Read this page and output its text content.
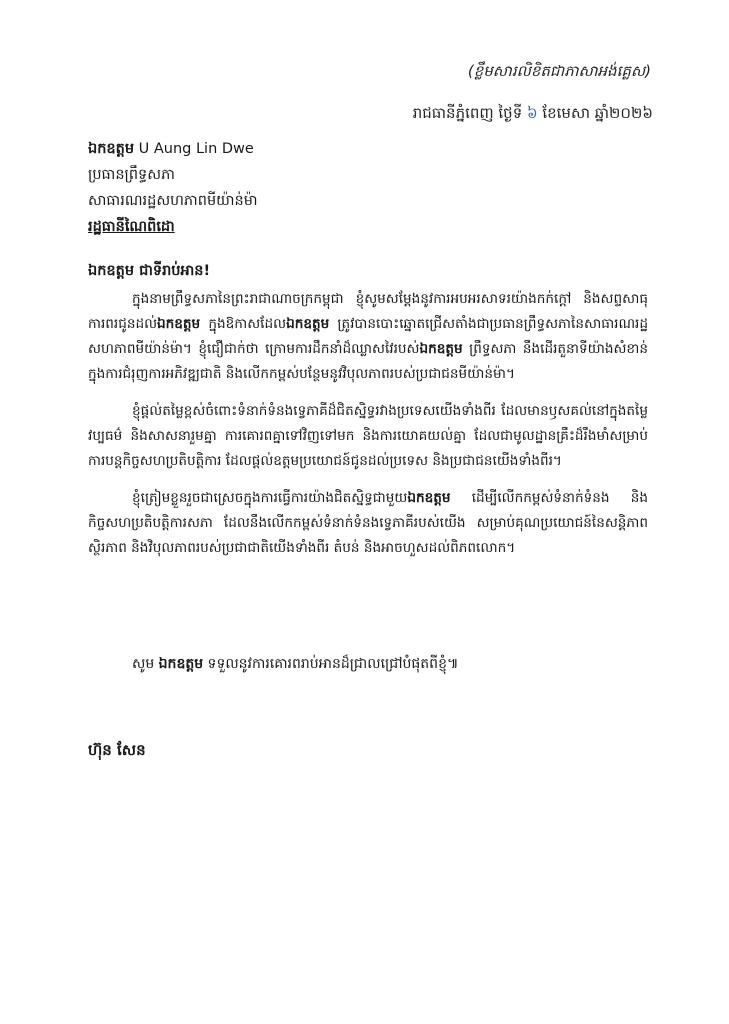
(ខ្លឹមសារលិខិតជាភាសាអង់គ្លេស)
រាជធានីភ្នំពេញ ថ្ងៃទី ៦ ខែមេសា ឆ្នាំ២០២៦
ឯកឧត្តម U Aung Lin Dwe
ប្រធានព្រឹទ្ធសភា
សាធារណរដ្ឋសហភាពមីយ៉ាន់ម៉ា
រដ្ឋធានីណៃពិដោ
ឯកឧត្តម ជាទីរាប់អាន!

ក្នុងនាមព្រឹទ្ធសភានៃព្រះរាជាណាចក្រកម្ពុជា ខ្ញុំសូមសម្តែងនូវការអបអរសាទរយ៉ាងកក់ក្តៅ និងសព្ទសាធុការពរជូនដល់ឯកឧត្តម ក្នុងឱកាសដែលឯកឧត្តម ត្រូវបានបោះឆ្នោតជ្រើសតាំងជាប្រធានព្រឹទ្ធសភានៃសាធារណរដ្ឋសហភាពមីយ៉ាន់ម៉ា។ ខ្ញុំជឿជាក់ថា ក្រោមការដឹកនាំដ៏ឈ្លាសវៃរបស់ឯកឧត្តម ព្រឹទ្ធសភា នឹងដើរតួនាទីយ៉ាងសំខាន់ក្នុងការជំរុញការអភិវឌ្ឍជាតិ និងលើកកម្ពស់បន្ថែមនូវវិបុលភាពរបស់ប្រជាជនមីយ៉ាន់ម៉ា។

ខ្ញុំផ្តល់តម្លៃខ្ពស់ចំពោះទំនាក់ទំនងទ្វេភាគីដ៏ជិតស្និទ្ធរវាងប្រទេសយើងទាំងពីរ ដែលមានឫសគល់នៅក្នុងតម្លៃវប្បធម៌ និងសាសនារួមគ្នា ការគោរពគ្នាទៅវិញទៅមក និងការយោគយល់គ្នា ដែលជាមូលដ្ឋានគ្រឹះដ៏រឹងមាំសម្រាប់ការបន្តកិច្ចសហប្រតិបត្តិការ ដែលផ្តល់ឧត្តមប្រយោជន៍ជូនដល់ប្រទេស និងប្រជាជនយើងទាំងពីរ។

ខ្ញុំត្រៀមខ្លួនរួចជាស្រេចក្នុងការធ្វើការយ៉ាងជិតស្និទ្ធជាមួយឯកឧត្តម ដើម្បីលើកកម្ពស់ទំនាក់ទំនង និងកិច្ចសហប្រតិបត្តិការសភា ដែលនឹងលើកកម្ពស់ទំនាក់ទំនងទ្វេភាគីរបស់យើង សម្រាប់គុណប្រយោជន៍នៃសន្តិភាព ស្ថិរភាព និងវិបុលភាពរបស់ប្រជាជាតិយើងទាំងពីរ តំបន់ និងអាចហួសដល់ពិភពលោក។

សូម ឯកឧត្តម ទទួលនូវការគោរពរាប់អានដ៏ជ្រាលជ្រៅបំផុតពីខ្ញុំ៕
ហ៊ុន សែន
